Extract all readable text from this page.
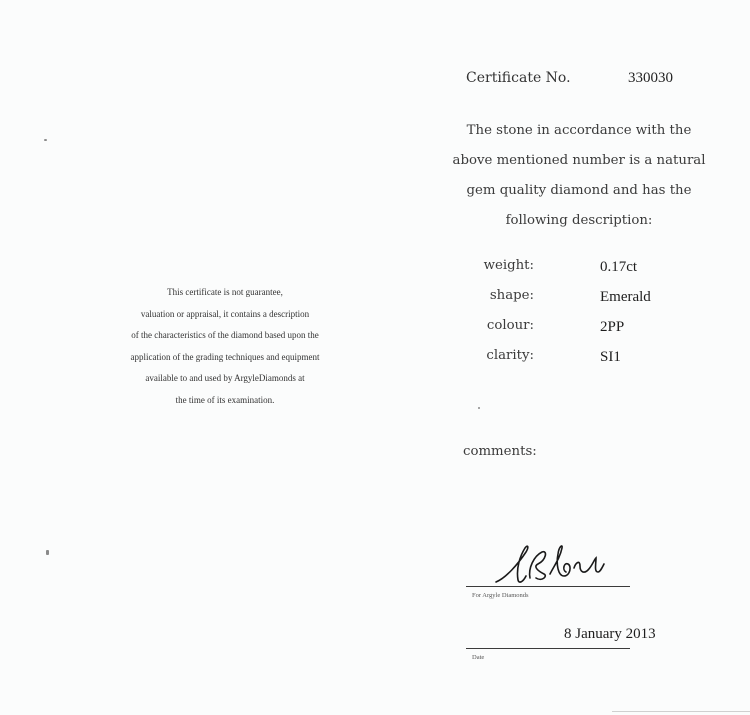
This certificate is not guarantee,
valuation or appraisal, it contains a description
of the characteristics of the diamond based upon the
application of the grading techniques and equipment
available to and used by ArgyleDiamonds at
the time of its examination.
Certificate No.	330030
The stone in accordance with the
above mentioned number is a natural
gem quality diamond and has the
following description:
weight:	0.17ct
shape:	Emerald
colour:	2PP
clarity:	SI1
comments:
For Argyle Diamonds
8 January 2013
Date
